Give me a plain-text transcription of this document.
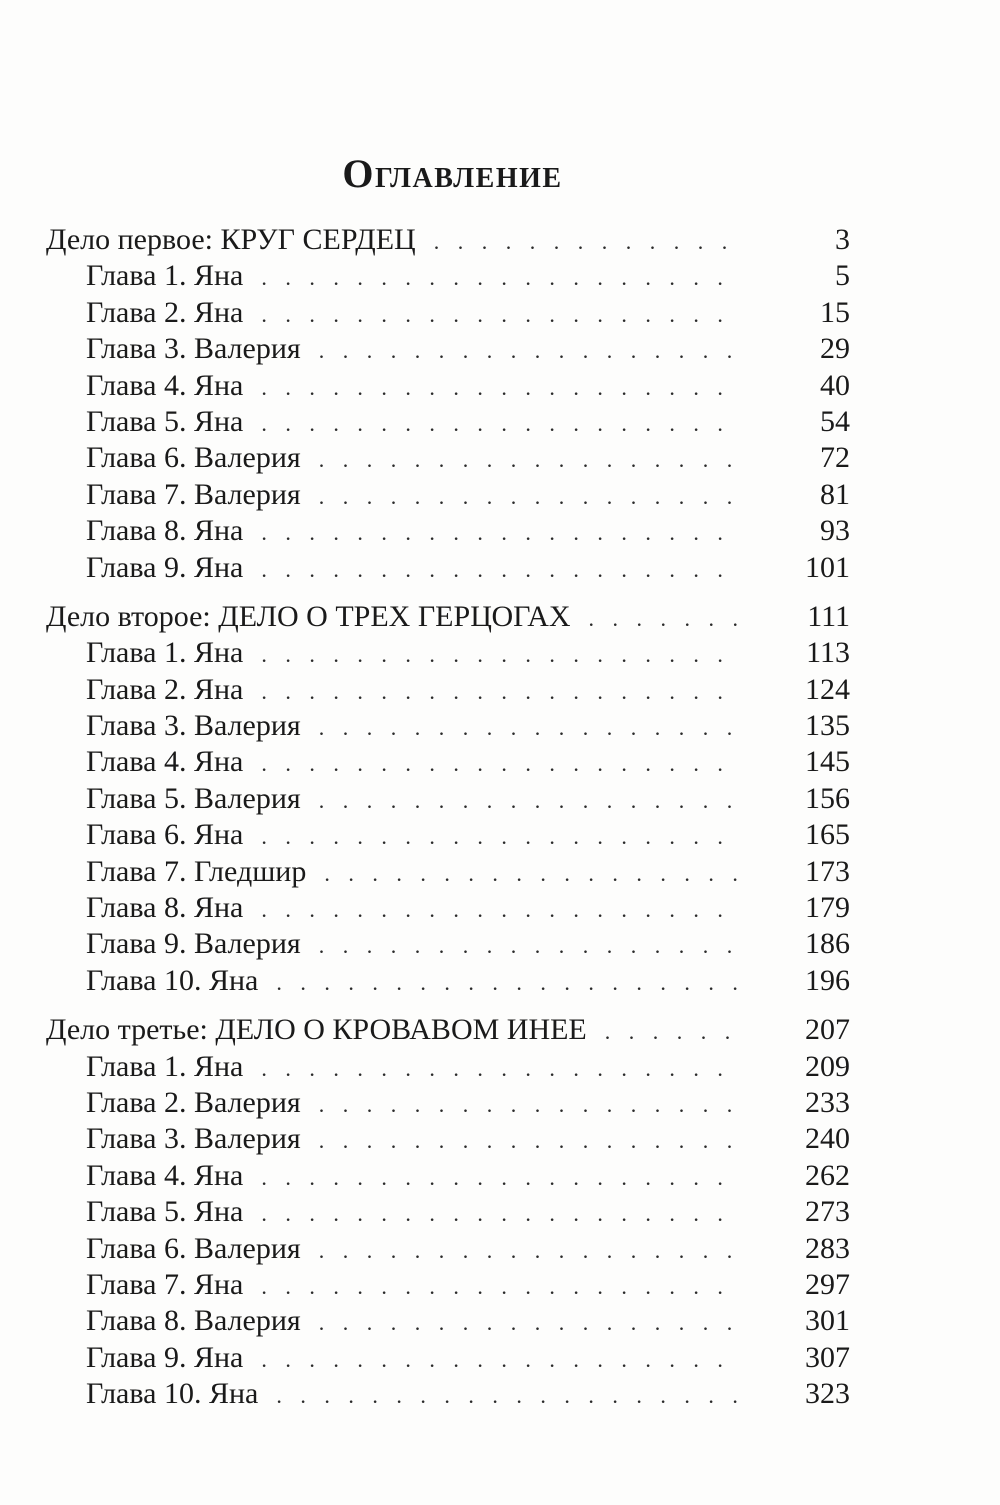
Оглавление
Дело первое: КРУГ СЕРДЕЦ . . .	3
Глава 1. Яна . . .	5
Глава 2. Яна . . .	15
Глава 3. Валерия . . .	29
Глава 4. Яна . . .	40
Глава 5. Яна . . .	54
Глава 6. Валерия . . .	72
Глава 7. Валерия . . .	81
Глава 8. Яна . . .	93
Глава 9. Яна . . .	101
Дело второе: ДЕЛО О ТРЕХ ГЕРЦОГАХ . . .	111
Глава 1. Яна . . .	113
Глава 2. Яна . . .	124
Глава 3. Валерия . . .	135
Глава 4. Яна . . .	145
Глава 5. Валерия . . .	156
Глава 6. Яна . . .	165
Глава 7. Гледшир . . .	173
Глава 8. Яна . . .	179
Глава 9. Валерия . . .	186
Глава 10. Яна . . .	196
Дело третье: ДЕЛО О КРОВАВОМ ИНЕЕ . . .	207
Глава 1. Яна . . .	209
Глава 2. Валерия . . .	233
Глава 3. Валерия . . .	240
Глава 4. Яна . . .	262
Глава 5. Яна . . .	273
Глава 6. Валерия . . .	283
Глава 7. Яна . . .	297
Глава 8. Валерия . . .	301
Глава 9. Яна . . .	307
Глава 10. Яна . . .	323
